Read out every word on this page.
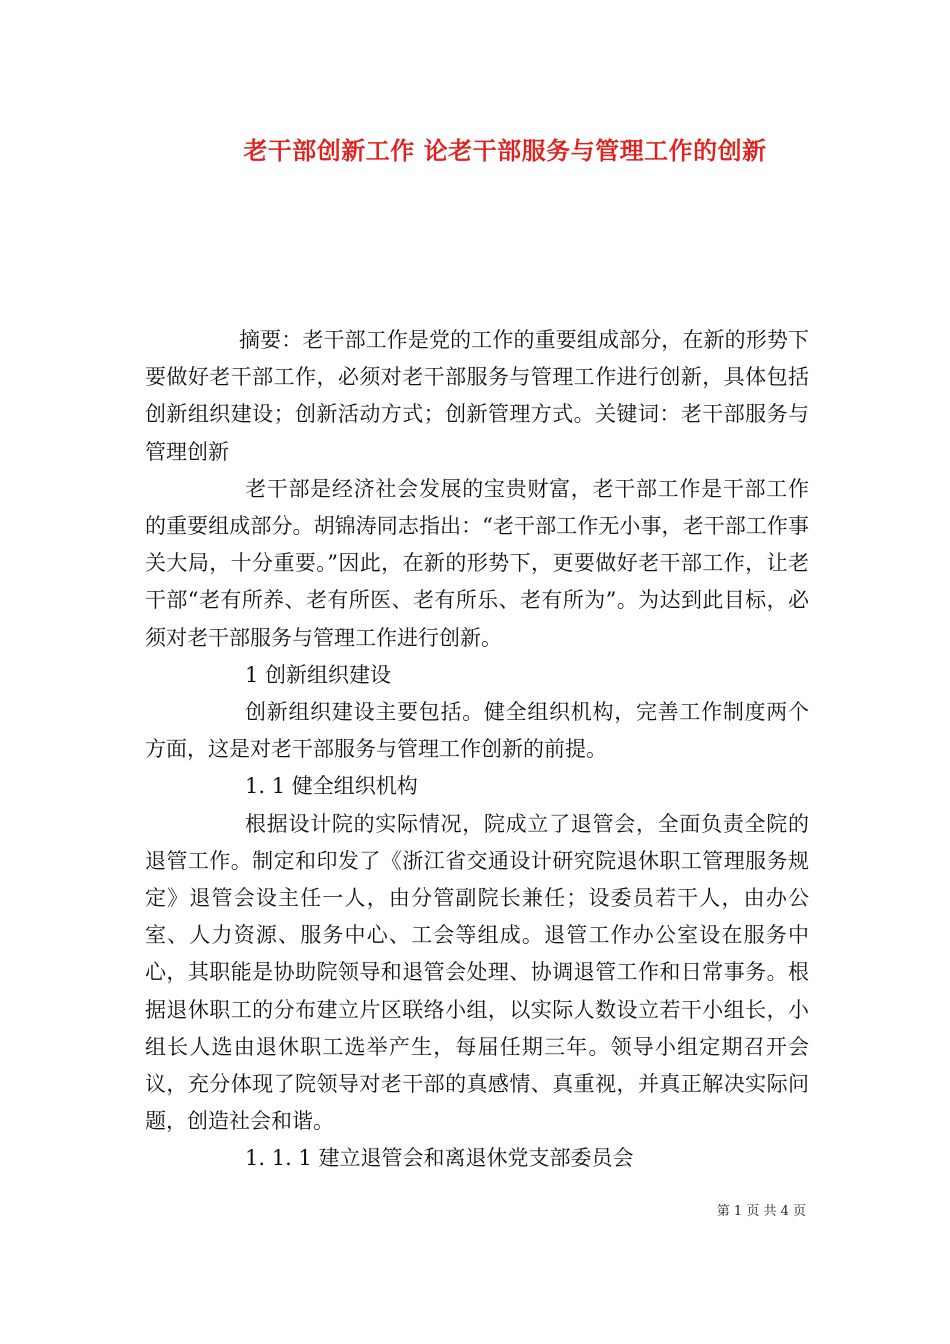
老干部创新工作 论老干部服务与管理工作的创新

摘要：老干部工作是党的工作的重要组成部分，在新的形势下要做好老干部工作，必须对老干部服务与管理工作进行创新，具体包括创新组织建设；创新活动方式；创新管理方式。关键词：老干部服务与管理创新

老干部是经济社会发展的宝贵财富，老干部工作是干部工作的重要组成部分。胡锦涛同志指出：“老干部工作无小事，老干部工作事关大局，十分重要。”因此，在新的形势下，更要做好老干部工作，让老干部“老有所养、老有所医、老有所乐、老有所为”。为达到此目标，必须对老干部服务与管理工作进行创新。

1 创新组织建设

创新组织建设主要包括。健全组织机构，完善工作制度两个方面，这是对老干部服务与管理工作创新的前提。

1. 1 健全组织机构

根据设计院的实际情况，院成立了退管会，全面负责全院的退管工作。制定和印发了《浙江省交通设计研究院退休职工管理服务规定》退管会设主任一人，由分管副院长兼任；设委员若干人，由办公室、人力资源、服务中心、工会等组成。退管工作办公室设在服务中心，其职能是协助院领导和退管会处理、协调退管工作和日常事务。根据退休职工的分布建立片区联络小组，以实际人数设立若干小组长，小组长人选由退休职工选举产生，每届任期三年。领导小组定期召开会议，充分体现了院领导对老干部的真感情、真重视，并真正解决实际问题，创造社会和谐。

1. 1. 1 建立退管会和离退休党支部委员会

第 1 页 共 4 页
